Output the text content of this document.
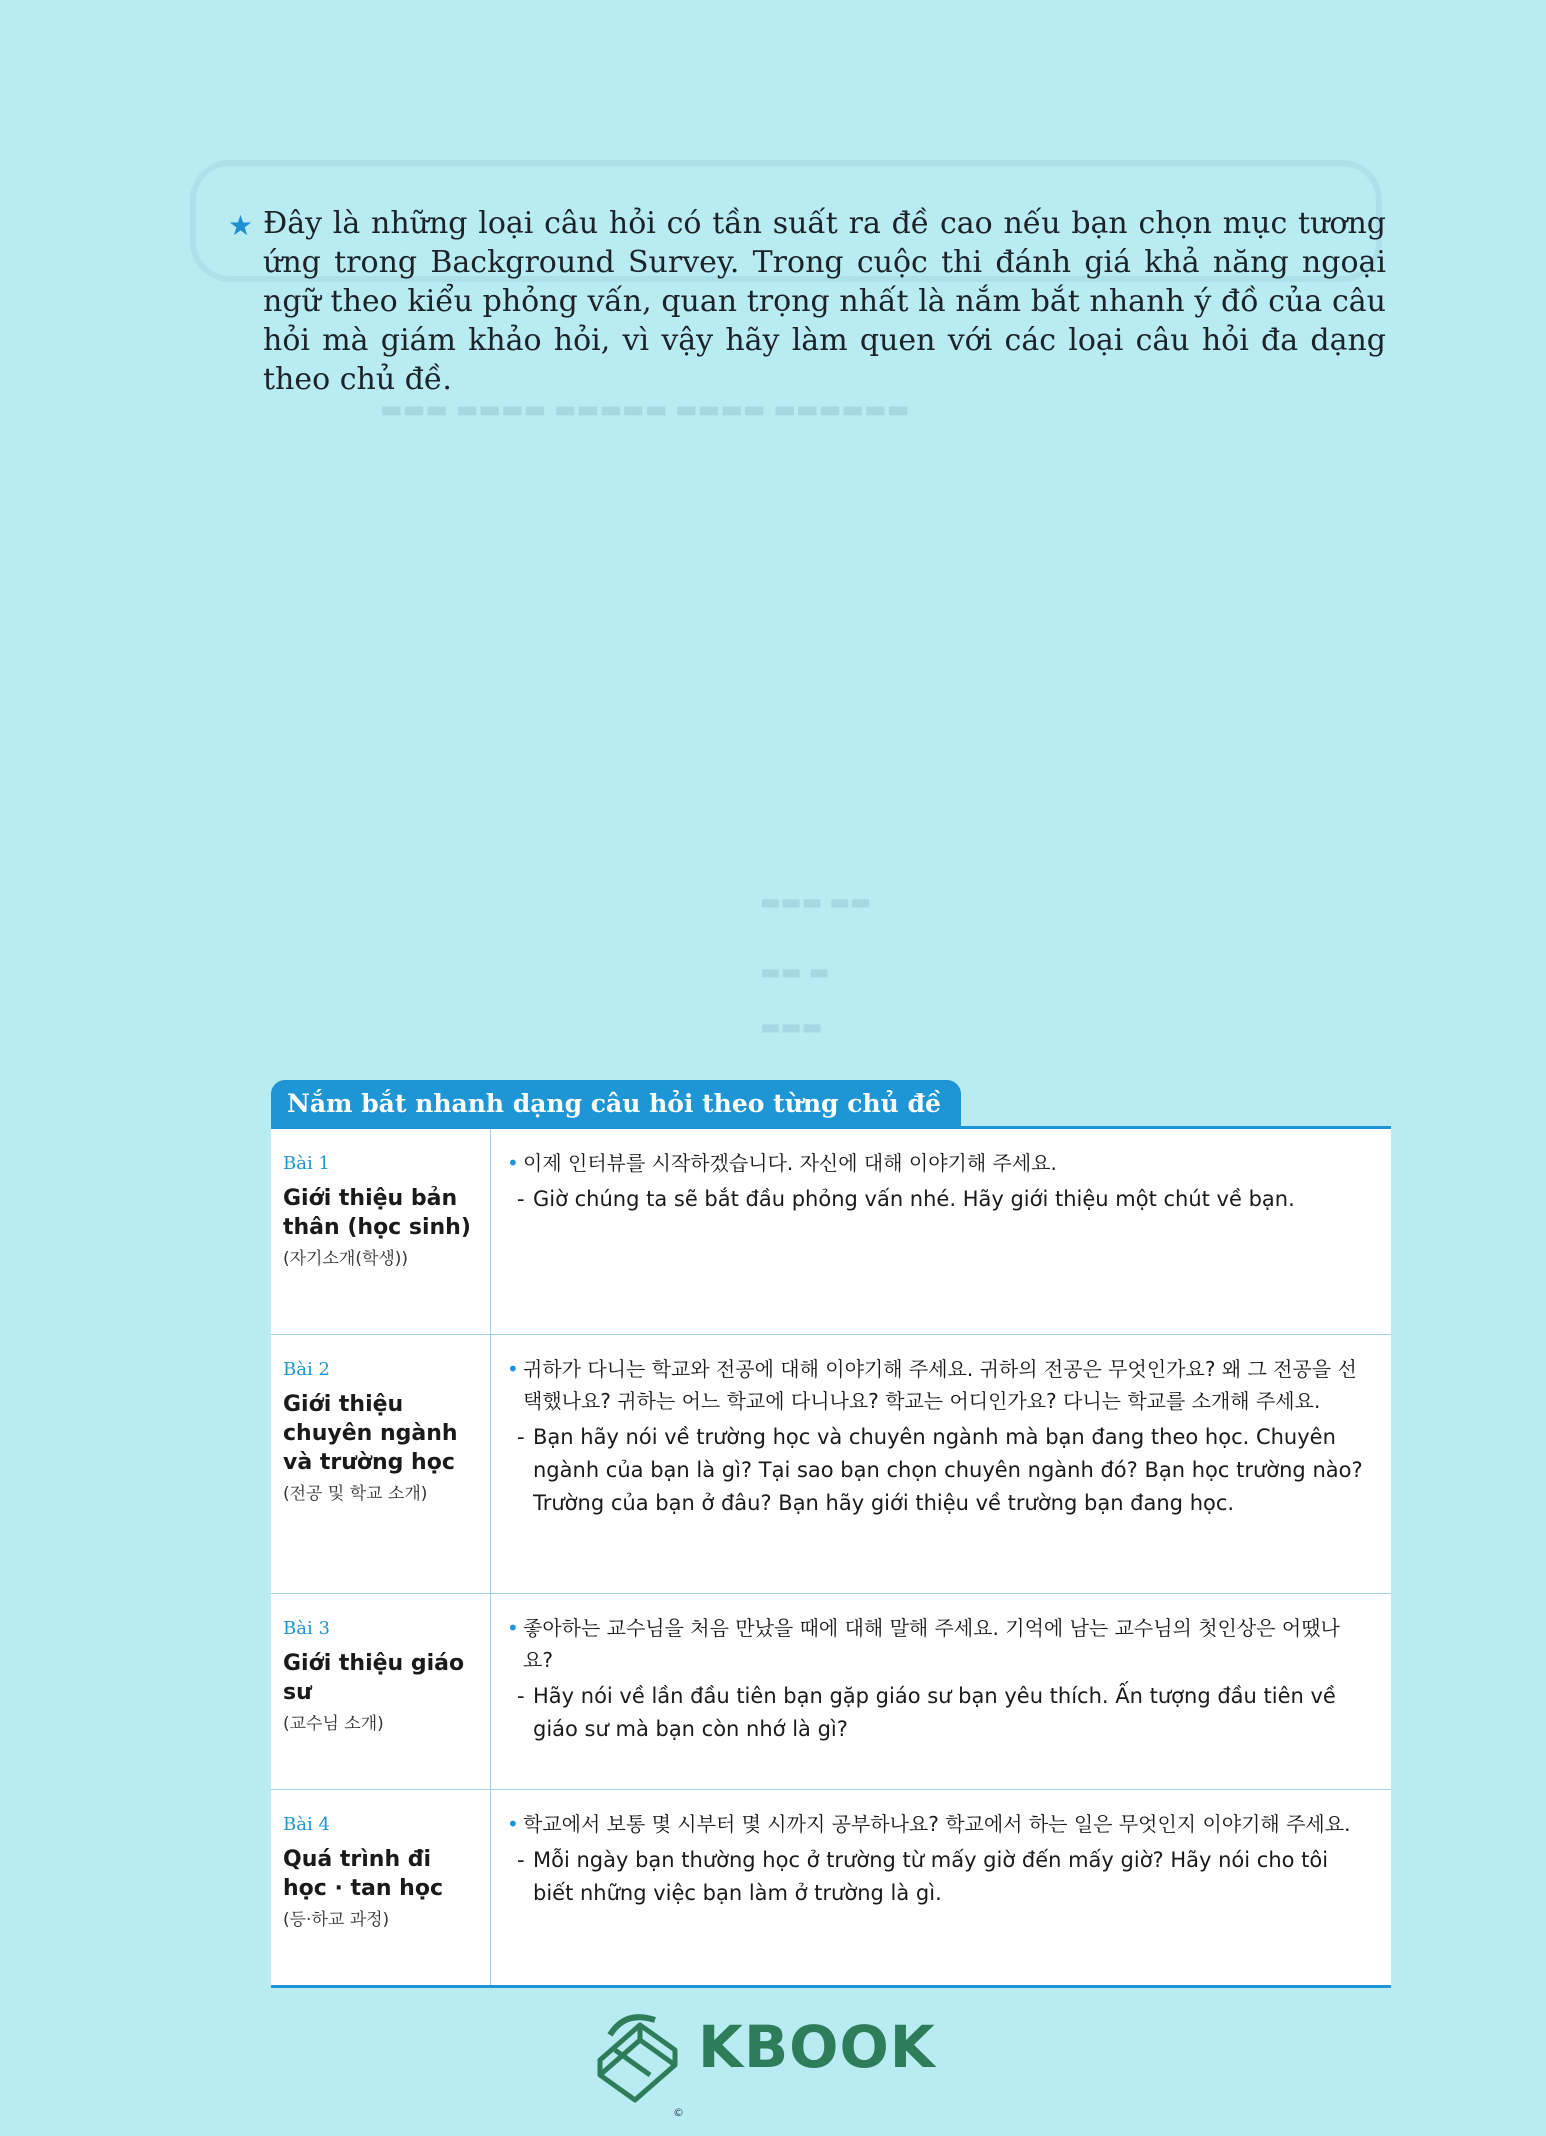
▬▬▬ ▬▬▬▬ ▬▬▬▬▬ ▬▬▬▬ ▬▬▬▬▬▬
▬▬▬ ▬▬
▬▬ ▬
▬▬▬
★ Đây là những loại câu hỏi có tần suất ra đề cao nếu bạn chọn mục tương ứng trong Background Survey. Trong cuộc thi đánh giá khả năng ngoại ngữ theo kiểu phỏng vấn, quan trọng nhất là nắm bắt nhanh ý đồ của câu hỏi mà giám khảo hỏi, vì vậy hãy làm quen với các loại câu hỏi đa dạng theo chủ đề.
Nắm bắt nhanh dạng câu hỏi theo từng chủ đề
Bài 1
Giới thiệu bản thân (học sinh)
(자기소개(학생))
• 이제 인터뷰를 시작하겠습니다. 자신에 대해 이야기해 주세요.
- Giờ chúng ta sẽ bắt đầu phỏng vấn nhé. Hãy giới thiệu một chút về bạn.
Bài 2
Giới thiệu chuyên ngành và trường học
(전공 및 학교 소개)
• 귀하가 다니는 학교와 전공에 대해 이야기해 주세요. 귀하의 전공은 무엇인가요? 왜 그 전공을 선택했나요? 귀하는 어느 학교에 다니나요? 학교는 어디인가요? 다니는 학교를 소개해 주세요.
- Bạn hãy nói về trường học và chuyên ngành mà bạn đang theo học. Chuyên ngành của bạn là gì? Tại sao bạn chọn chuyên ngành đó? Bạn học trường nào? Trường của bạn ở đâu? Bạn hãy giới thiệu về trường bạn đang học.
Bài 3
Giới thiệu giáo sư
(교수님 소개)
• 좋아하는 교수님을 처음 만났을 때에 대해 말해 주세요. 기억에 남는 교수님의 첫인상은 어땠나요?
- Hãy nói về lần đầu tiên bạn gặp giáo sư bạn yêu thích. Ấn tượng đầu tiên về giáo sư mà bạn còn nhớ là gì?
Bài 4
Quá trình đi học · tan học
(등·하교 과정)
• 학교에서 보통 몇 시부터 몇 시까지 공부하나요? 학교에서 하는 일은 무엇인지 이야기해 주세요.
- Mỗi ngày bạn thường học ở trường từ mấy giờ đến mấy giờ? Hãy nói cho tôi biết những việc bạn làm ở trường là gì.
KBOOK
©
